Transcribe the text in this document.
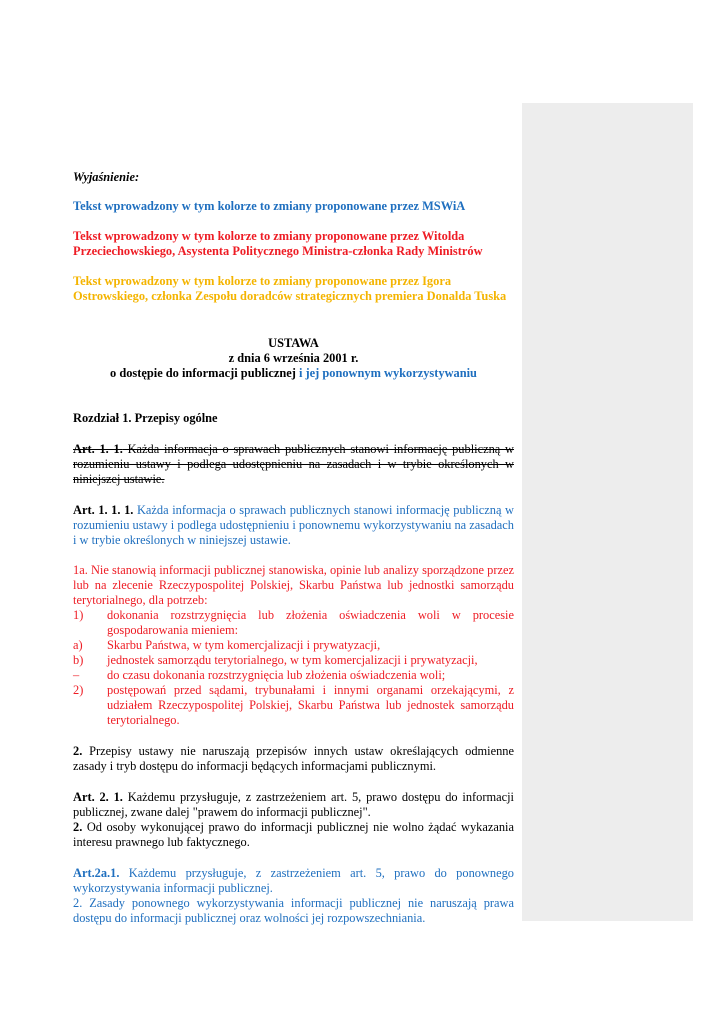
Wyjaśnienie:

Tekst wprowadzony w tym kolorze to zmiany proponowane przez MSWiA

Tekst wprowadzony w tym kolorze to zmiany proponowane przez Witolda Przeciechowskiego, Asystenta Politycznego Ministra-członka Rady Ministrów

Tekst wprowadzony w tym kolorze to zmiany proponowane przez Igora Ostrowskiego, członka Zespołu doradców strategicznych premiera Donalda Tuska

USTAWA

z dnia 6 września 2001 r.

o dostępie do informacji publicznej i jej ponownym wykorzystywaniu

Rozdział 1. Przepisy ogólne

Art. 1. 1. Każda informacja o sprawach publicznych stanowi informację publiczną w rozumieniu ustawy i podlega udostępnieniu na zasadach i w trybie określonych w niniejszej ustawie.

Art. 1. 1. 1. Każda informacja o sprawach publicznych stanowi informację publiczną w rozumieniu ustawy i podlega udostępnieniu i ponownemu wykorzystywaniu na zasadach i w trybie określonych w niniejszej ustawie.

1a. Nie stanowią informacji publicznej stanowiska, opinie lub analizy sporządzone przez lub na zlecenie Rzeczypospolitej Polskiej, Skarbu Państwa lub jednostki samorządu terytorialnego, dla potrzeb:

1) dokonania rozstrzygnięcia lub złożenia oświadczenia woli w procesie gospodarowania mieniem:
a) Skarbu Państwa, w tym komercjalizacji i prywatyzacji,
b) jednostek samorządu terytorialnego, w tym komercjalizacji i prywatyzacji,
– do czasu dokonania rozstrzygnięcia lub złożenia oświadczenia woli;
2) postępowań przed sądami, trybunałami i innymi organami orzekającymi, z udziałem Rzeczypospolitej Polskiej, Skarbu Państwa lub jednostek samorządu terytorialnego.

2. Przepisy ustawy nie naruszają przepisów innych ustaw określających odmienne zasady i tryb dostępu do informacji będących informacjami publicznymi.

Art. 2. 1. Każdemu przysługuje, z zastrzeżeniem art. 5, prawo dostępu do informacji publicznej, zwane dalej "prawem do informacji publicznej".

2. Od osoby wykonującej prawo do informacji publicznej nie wolno żądać wykazania interesu prawnego lub faktycznego.

Art.2a.1. Każdemu przysługuje, z zastrzeżeniem art. 5, prawo do ponownego wykorzystywania informacji publicznej.

2. Zasady ponownego wykorzystywania informacji publicznej nie naruszają prawa dostępu do informacji publicznej oraz wolności jej rozpowszechniania.
